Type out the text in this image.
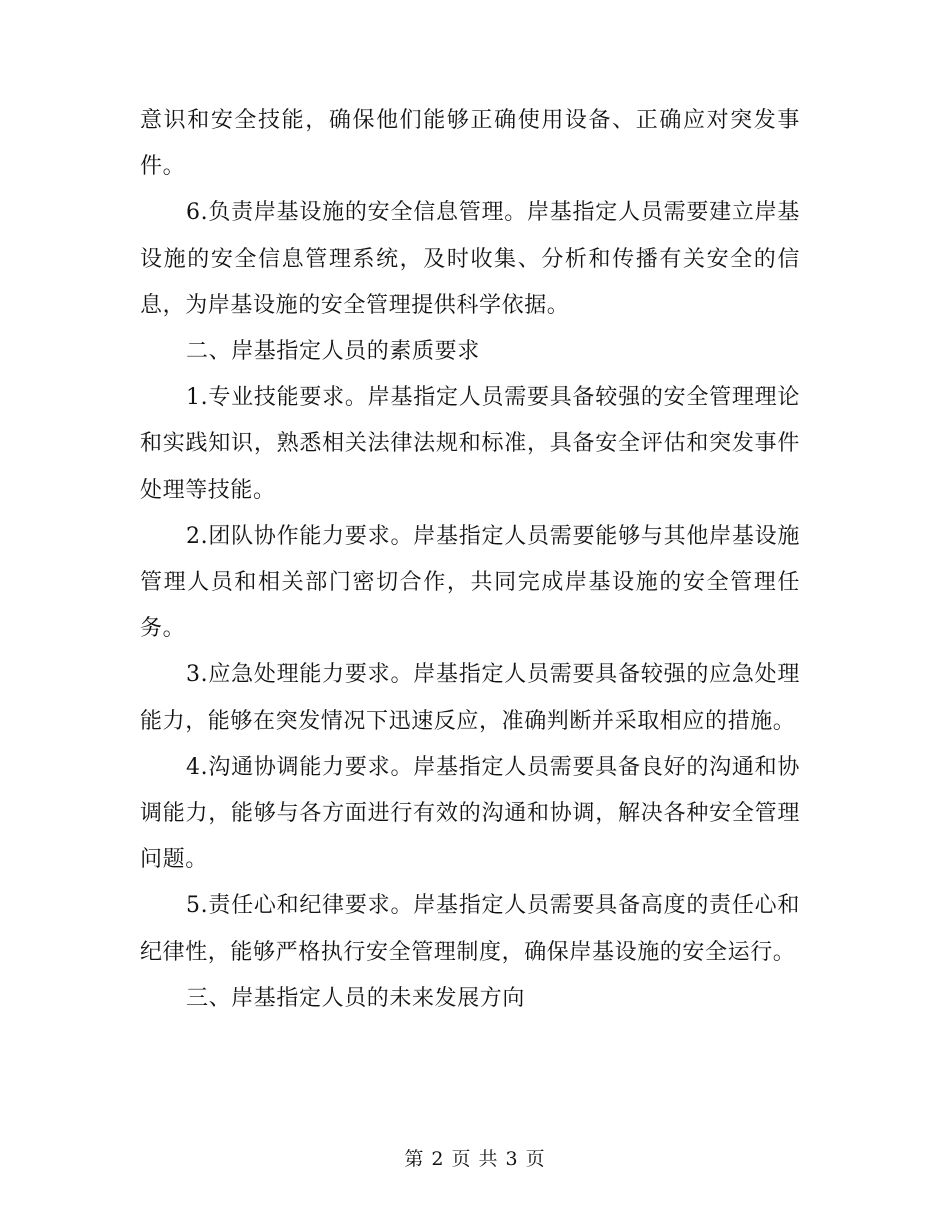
意识和安全技能，确保他们能够正确使用设备、正确应对突发事件。

6.负责岸基设施的安全信息管理。岸基指定人员需要建立岸基设施的安全信息管理系统，及时收集、分析和传播有关安全的信息，为岸基设施的安全管理提供科学依据。

二、岸基指定人员的素质要求

1.专业技能要求。岸基指定人员需要具备较强的安全管理理论和实践知识，熟悉相关法律法规和标准，具备安全评估和突发事件处理等技能。

2.团队协作能力要求。岸基指定人员需要能够与其他岸基设施管理人员和相关部门密切合作，共同完成岸基设施的安全管理任务。

3.应急处理能力要求。岸基指定人员需要具备较强的应急处理能力，能够在突发情况下迅速反应，准确判断并采取相应的措施。

4.沟通协调能力要求。岸基指定人员需要具备良好的沟通和协调能力，能够与各方面进行有效的沟通和协调，解决各种安全管理问题。

5.责任心和纪律要求。岸基指定人员需要具备高度的责任心和纪律性，能够严格执行安全管理制度，确保岸基设施的安全运行。

三、岸基指定人员的未来发展方向

第 2 页 共 3 页
